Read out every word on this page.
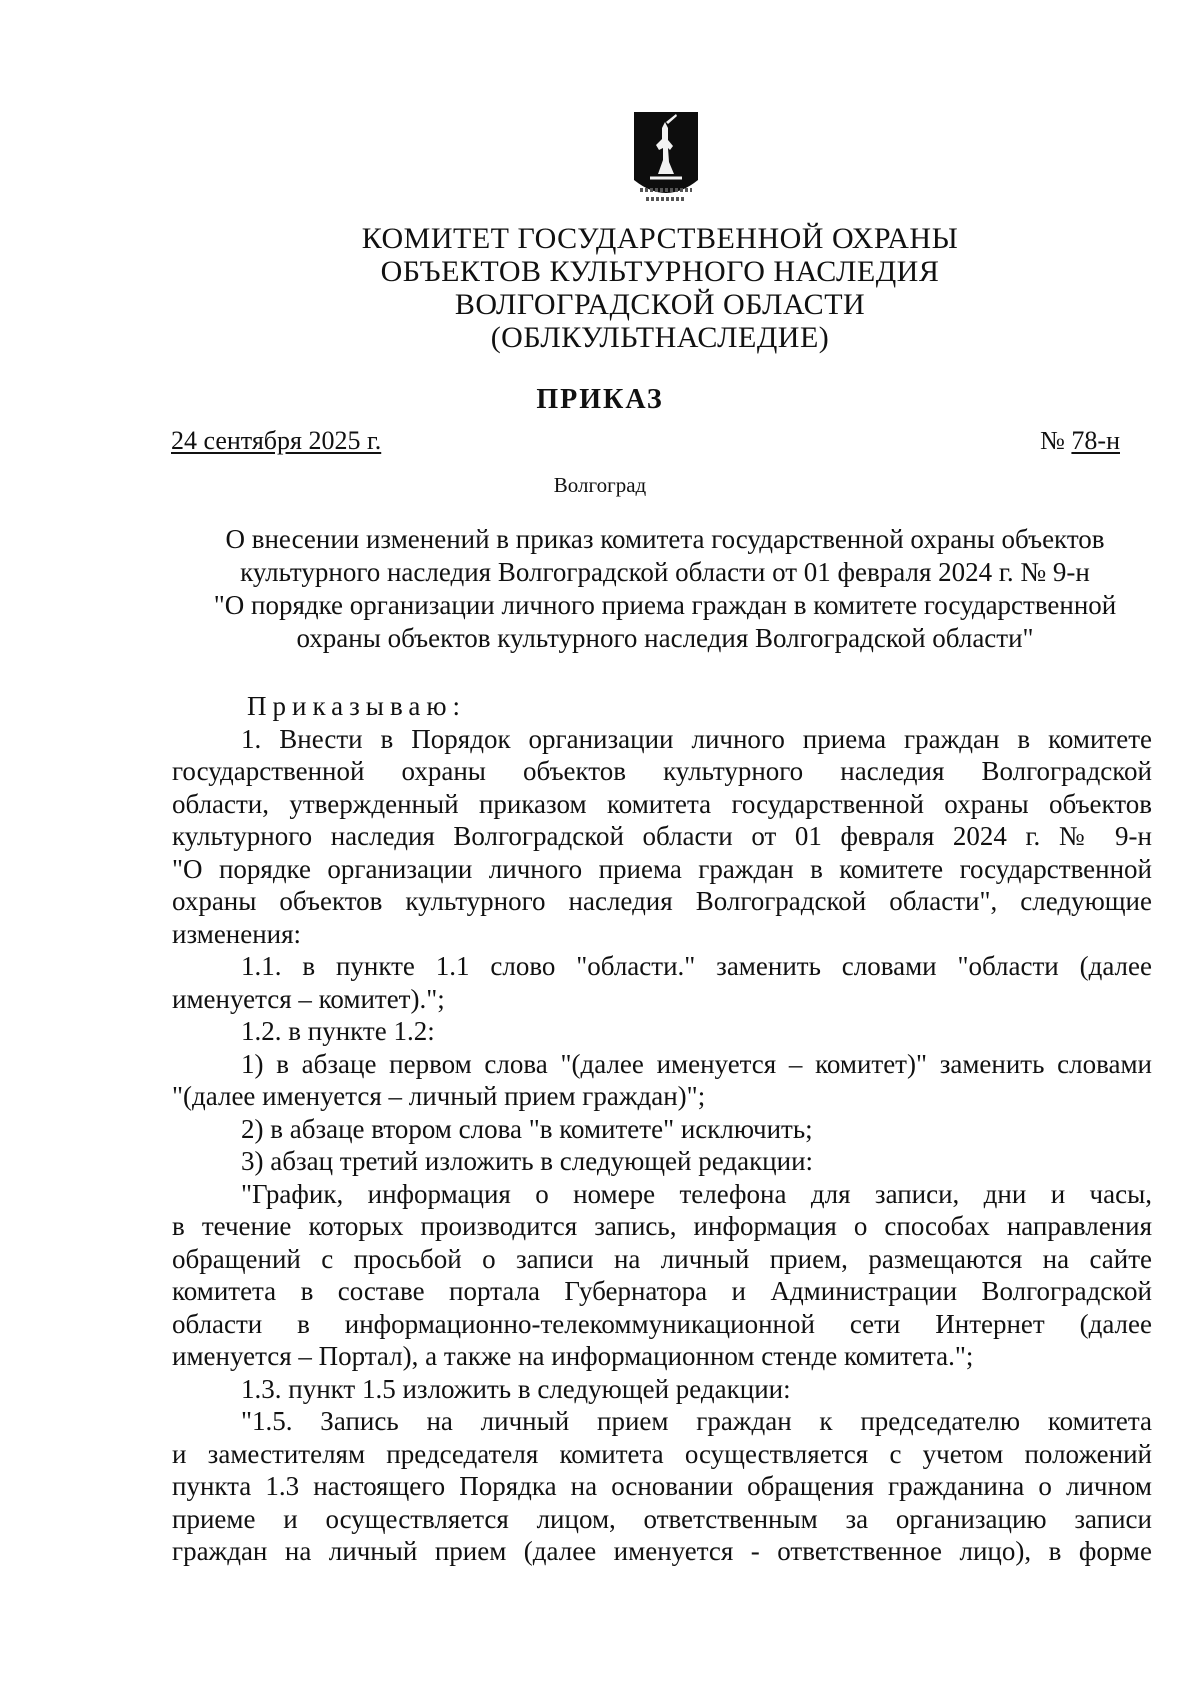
КОМИТЕТ ГОСУДАРСТВЕННОЙ ОХРАНЫ
ОБЪЕКТОВ КУЛЬТУРНОГО НАСЛЕДИЯ
ВОЛГОГРАДСКОЙ ОБЛАСТИ
(ОБЛКУЛЬТНАСЛЕДИЕ)
ПРИКАЗ
24 сентября 2025 г.	№ 78-н
Волгоград
О внесении изменений в приказ комитета государственной охраны объектов
культурного наследия Волгоградской области от 01 февраля 2024 г. № 9-н
"О порядке организации личного приема граждан в комитете государственной
охраны объектов культурного наследия Волгоградской области"
Приказываю:
1. Внести в Порядок организации личного приема граждан в комитете
государственной охраны объектов культурного наследия Волгоградской
области, утвержденный приказом комитета государственной охраны объектов
культурного наследия Волгоградской области от 01 февраля 2024 г. № 9-н
"О порядке организации личного приема граждан в комитете государственной
охраны объектов культурного наследия Волгоградской области", следующие
изменения:
1.1. в пункте 1.1 слово "области." заменить словами "области (далее
именуется – комитет).";
1.2. в пункте 1.2:
1) в абзаце первом слова "(далее именуется – комитет)" заменить словами
"(далее именуется – личный прием граждан)";
2) в абзаце втором слова "в комитете" исключить;
3) абзац третий изложить в следующей редакции:
"График, информация о номере телефона для записи, дни и часы,
в течение которых производится запись, информация о способах направления
обращений с просьбой о записи на личный прием, размещаются на сайте
комитета в составе портала Губернатора и Администрации Волгоградской
области в информационно-телекоммуникационной сети Интернет (далее
именуется – Портал), а также на информационном стенде комитета.";
1.3. пункт 1.5 изложить в следующей редакции:
"1.5. Запись на личный прием граждан к председателю комитета
и заместителям председателя комитета осуществляется с учетом положений
пункта 1.3 настоящего Порядка на основании обращения гражданина о личном
приеме и осуществляется лицом, ответственным за организацию записи
граждан на личный прием (далее именуется - ответственное лицо), в форме
